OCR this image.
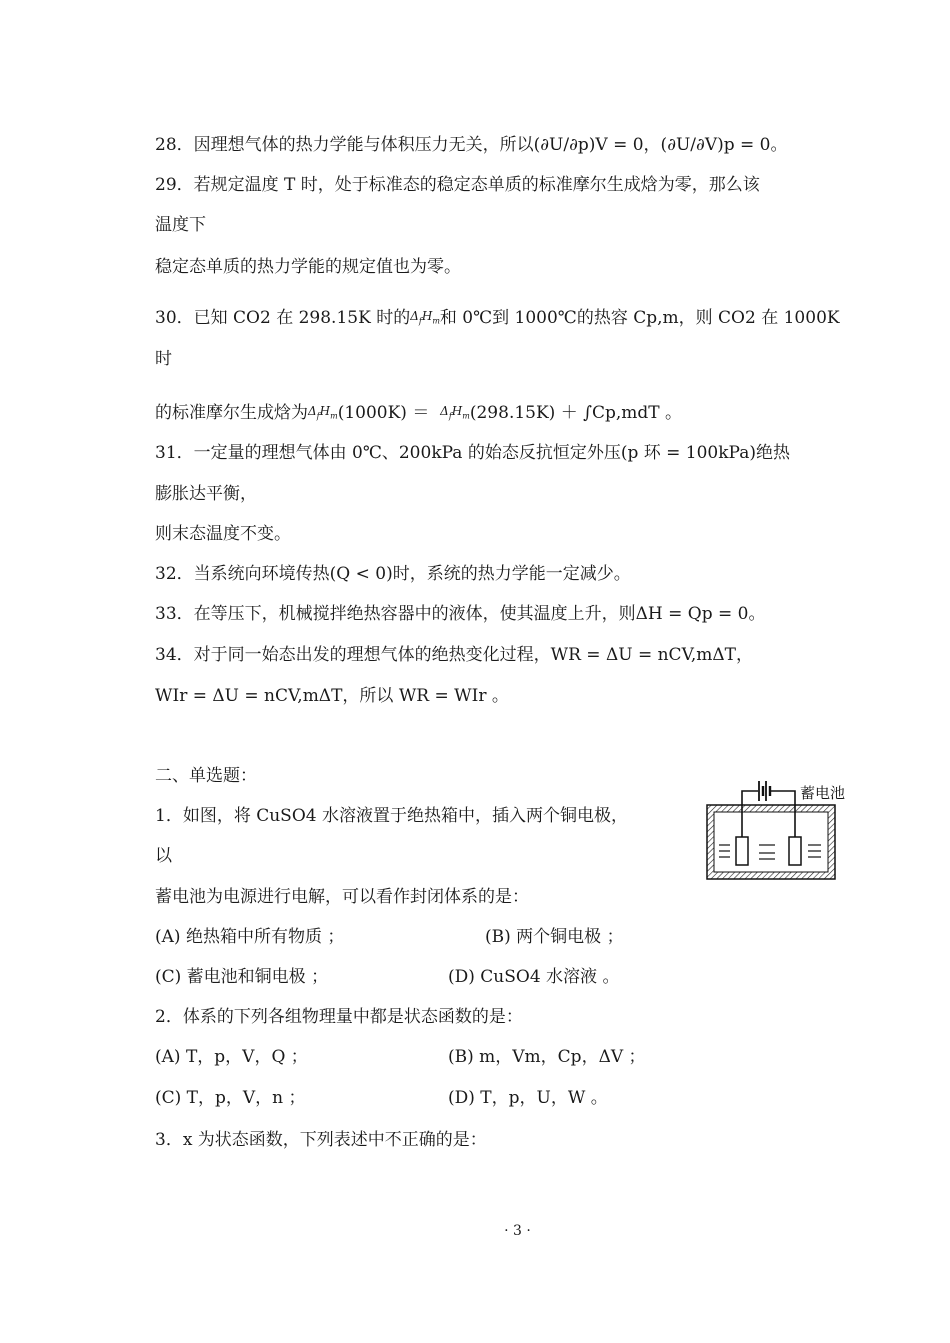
28．因理想气体的热力学能与体积压力无关，所以(∂U/∂p)V = 0，(∂U/∂V)p = 0。
29．若规定温度 T 时，处于标准态的稳定态单质的标准摩尔生成焓为零，那么该
温度下
稳定态单质的热力学能的规定值也为零。
30．已知 CO2 在 298.15K 时的$\Delta_fH_m$和 0℃到 1000℃的热容 Cp,m，则 CO2 在 1000K
时
的标准摩尔生成焓为$\Delta_fH_m(1000K) = \Delta_fH_m(298.15K) + \int Cp,mdT$ 。
31．一定量的理想气体由 0℃、200kPa 的始态反抗恒定外压(p 环 = 100kPa)绝热
膨胀达平衡，
则末态温度不变。
32．当系统向环境传热(Q < 0)时，系统的热力学能一定减少。
33．在等压下，机械搅拌绝热容器中的液体，使其温度上升，则ΔH = Qp = 0。
34．对于同一始态出发的理想气体的绝热变化过程，WR = ΔU = nCV,mΔT，
WIr = ΔU = nCV,mΔT，所以 WR = WIr 。
二、单选题：
1．如图，将 CuSO4 水溶液置于绝热箱中，插入两个铜电极，
以
蓄电池为电源进行电解，可以看作封闭体系的是：
(A) 绝热箱中所有物质 ；	(B) 两个铜电极 ；
(C) 蓄电池和铜电极 ；	(D) CuSO4 水溶液 。
蓄电池
2．体系的下列各组物理量中都是状态函数的是：
(A) T，p，V，Q ；	(B) m，Vm，Cp，ΔV ；
(C) T，p，V，n ；	(D) T，p，U，W 。
3．x 为状态函数，下列表述中不正确的是：
· 3 ·
